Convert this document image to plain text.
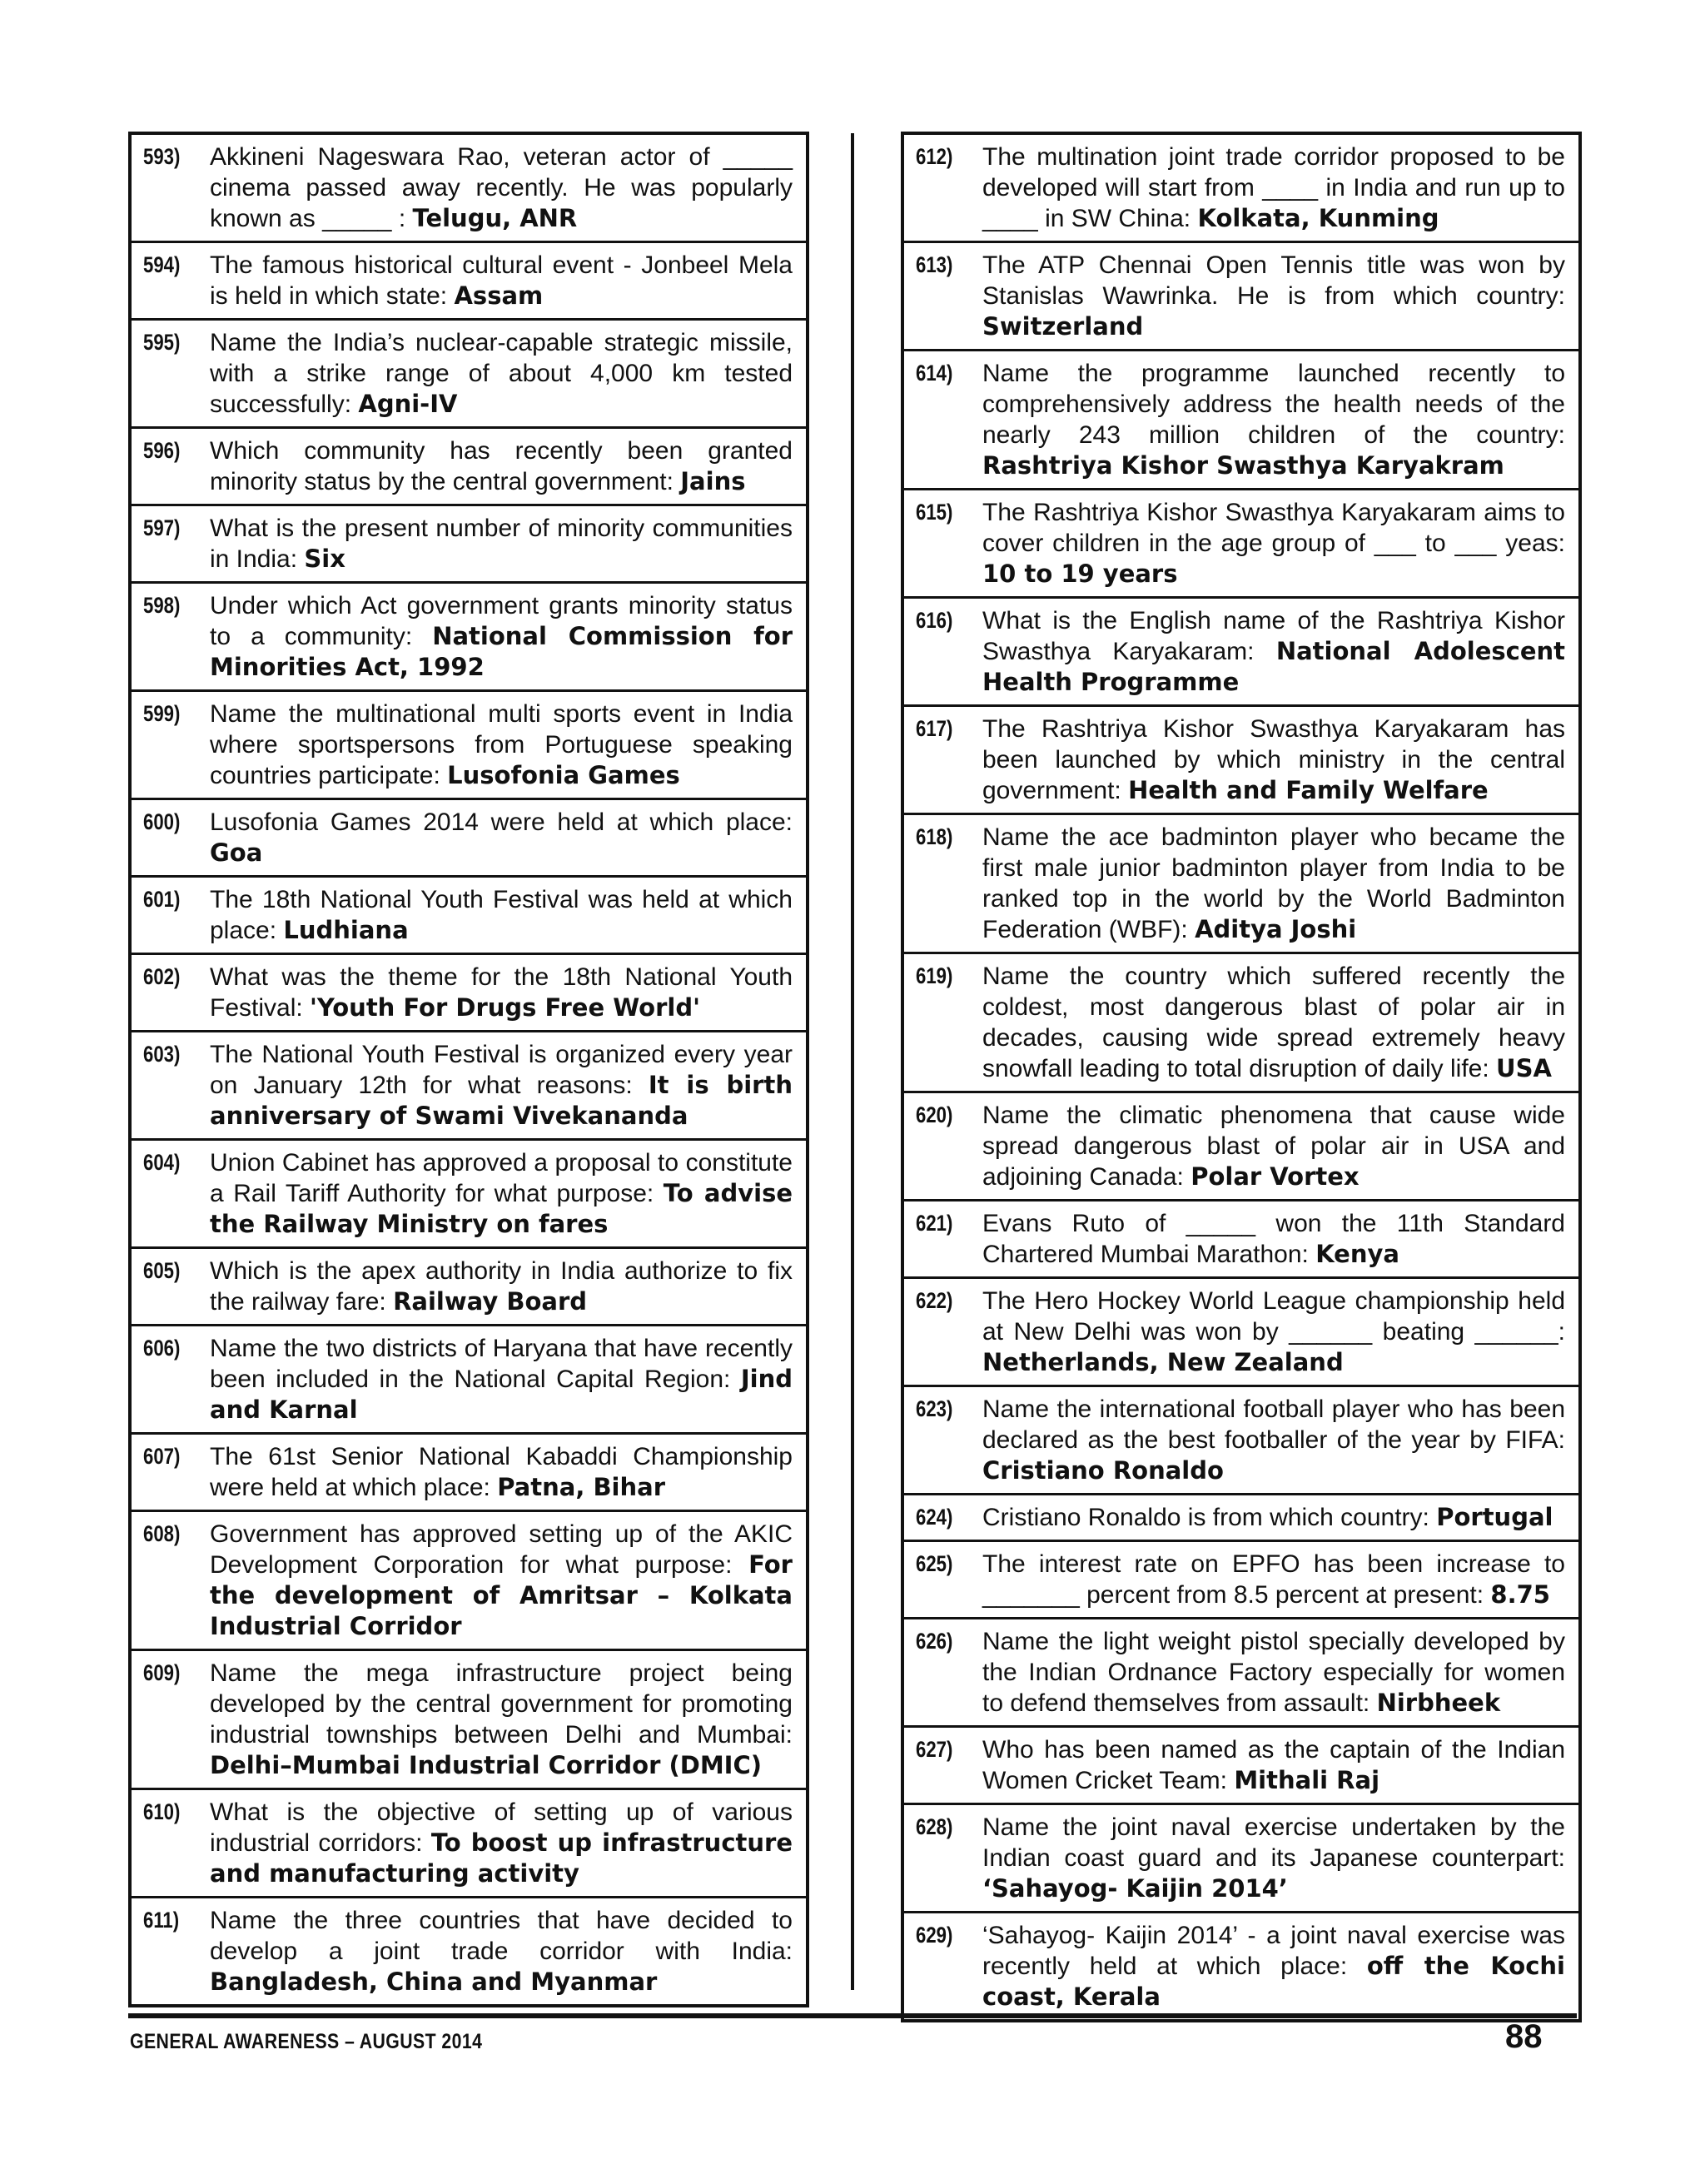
593)	Akkineni Nageswara Rao, veteran actor of _____ cinema passed away recently. He was popularly known as _____ : Telugu, ANR
594)	The famous historical cultural event - Jonbeel Mela is held in which state: Assam
595)	Name the India’s nuclear-capable strategic missile, with a strike range of about 4,000 km tested successfully: Agni-IV
596)	Which community has recently been granted minority status by the central government: Jains
597)	What is the present number of minority communities in India: Six
598)	Under which Act government grants minority status to a community: National Commission for Minorities Act, 1992
599)	Name the multinational multi sports event in India where sportspersons from Portuguese speaking countries participate: Lusofonia Games
600)	Lusofonia Games 2014 were held at which place: Goa
601)	The 18th National Youth Festival was held at which place: Ludhiana
602)	What was the theme for the 18th National Youth Festival: 'Youth For Drugs Free World'
603)	The National Youth Festival is organized every year on January 12th for what reasons: It is birth anniversary of Swami Vivekananda
604)	Union Cabinet has approved a proposal to constitute a Rail Tariff Authority for what purpose: To advise the Railway Ministry on fares
605)	Which is the apex authority in India authorize to fix the railway fare: Railway Board
606)	Name the two districts of Haryana that have recently been included in the National Capital Region: Jind and Karnal
607)	The 61st Senior National Kabaddi Championship were held at which place: Patna, Bihar
608)	Government has approved setting up of the AKIC Development Corporation for what purpose: For the development of Amritsar – Kolkata Industrial Corridor
609)	Name the mega infrastructure project being developed by the central government for promoting industrial townships between Delhi and Mumbai: Delhi–Mumbai Industrial Corridor (DMIC)
610)	What is the objective of setting up of various industrial corridors: To boost up infrastructure and manufacturing activity
611)	Name the three countries that have decided to develop a joint trade corridor with India: Bangladesh, China and Myanmar
612)	The multination joint trade corridor proposed to be developed will start from ____ in India and run up to ____ in SW China: Kolkata, Kunming
613)	The ATP Chennai Open Tennis title was won by Stanislas Wawrinka. He is from which country: Switzerland
614)	Name the programme launched recently to comprehensively address the health needs of the nearly 243 million children of the country: Rashtriya Kishor Swasthya Karyakram
615)	The Rashtriya Kishor Swasthya Karyakaram aims to cover children in the age group of ___ to ___ yeas: 10 to 19 years
616)	What is the English name of the Rashtriya Kishor Swasthya Karyakaram: National Adolescent Health Programme
617)	The Rashtriya Kishor Swasthya Karyakaram has been launched by which ministry in the central government: Health and Family Welfare
618)	Name the ace badminton player who became the first male junior badminton player from India to be ranked top in the world by the World Badminton Federation (WBF): Aditya Joshi
619)	Name the country which suffered recently the coldest, most dangerous blast of polar air in decades, causing wide spread extremely heavy snowfall leading to total disruption of daily life: USA
620)	Name the climatic phenomena that cause wide spread dangerous blast of polar air in USA and adjoining Canada: Polar Vortex
621)	Evans Ruto of _____ won the 11th Standard Chartered Mumbai Marathon: Kenya
622)	The Hero Hockey World League championship held at New Delhi was won by ______ beating ______: Netherlands, New Zealand
623)	Name the international football player who has been declared as the best footballer of the year by FIFA: Cristiano Ronaldo
624)	Cristiano Ronaldo is from which country: Portugal
625)	The interest rate on EPFO has been increase to _______ percent from 8.5 percent at present: 8.75
626)	Name the light weight pistol specially developed by the Indian Ordnance Factory especially for women to defend themselves from assault: Nirbheek
627)	Who has been named as the captain of the Indian Women Cricket Team: Mithali Raj
628)	Name the joint naval exercise undertaken by the Indian coast guard and its Japanese counterpart: ‘Sahayog- Kaijin 2014’
629)	‘Sahayog- Kaijin 2014’ - a joint naval exercise was recently held at which place: off the Kochi coast, Kerala
GENERAL AWARENESS – AUGUST 2014	88
